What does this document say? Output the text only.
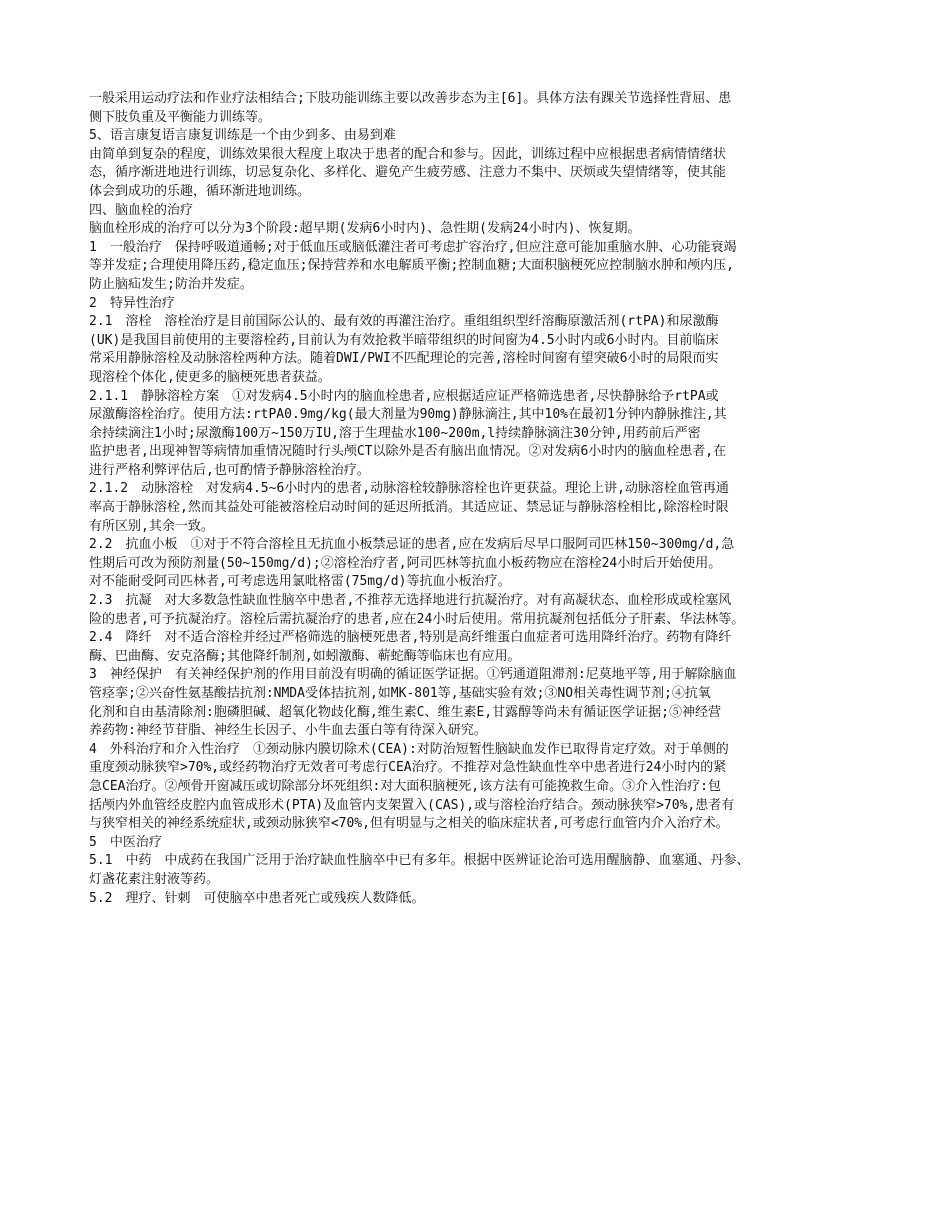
一般采用运动疗法和作业疗法相结合;下肢功能训练主要以改善步态为主[6]。具体方法有踝关节选择性背屈、患
侧下肢负重及平衡能力训练等。
5、语言康复语言康复训练是一个由少到多、由易到难
由简单到复杂的程度，训练效果很大程度上取决于患者的配合和参与。因此，训练过程中应根据患者病情情绪状
态，循序渐进地进行训练，切忌复杂化、多样化、避免产生疲劳感、注意力不集中、厌烦或失望情绪等，使其能
体会到成功的乐趣，循环渐进地训练。
四、脑血栓的治疗
脑血栓形成的治疗可以分为3个阶段:超早期(发病6小时内)、急性期(发病24小时内)、恢复期。
1　一般治疗　保持呼吸道通畅;对于低血压或脑低灌注者可考虑扩容治疗,但应注意可能加重脑水肿、心功能衰竭
等并发症;合理使用降压药,稳定血压;保持营养和水电解质平衡;控制血糖;大面积脑梗死应控制脑水肿和颅内压,
防止脑疝发生;防治并发症。
2　特异性治疗
2.1　溶栓　溶栓治疗是目前国际公认的、最有效的再灌注治疗。重组组织型纤溶酶原激活剂(rtPA)和尿激酶
(UK)是我国目前使用的主要溶栓药,目前认为有效抢救半暗带组织的时间窗为4.5小时内或6小时内。目前临床
常采用静脉溶栓及动脉溶栓两种方法。随着DWI/PWI不匹配理论的完善,溶栓时间窗有望突破6小时的局限而实
现溶栓个体化,使更多的脑梗死患者获益。
2.1.1　静脉溶栓方案　①对发病4.5小时内的脑血栓患者,应根据适应证严格筛选患者,尽快静脉给予rtPA或
尿激酶溶栓治疗。使用方法:rtPA0.9mg/kg(最大剂量为90mg)静脉滴注,其中10%在最初1分钟内静脉推注,其
余持续滴注1小时;尿激酶100万~150万IU,溶于生理盐水100~200m,l持续静脉滴注30分钟,用药前后严密
监护患者,出现神智等病情加重情况随时行头颅CT以除外是否有脑出血情况。②对发病6小时内的脑血栓患者,在
进行严格利弊评估后,也可酌情予静脉溶栓治疗。
2.1.2　动脉溶栓　对发病4.5~6小时内的患者,动脉溶栓较静脉溶栓也许更获益。理论上讲,动脉溶栓血管再通
率高于静脉溶栓,然而其益处可能被溶栓启动时间的延迟所抵消。其适应证、禁忌证与静脉溶栓相比,除溶栓时限
有所区别,其余一致。
2.2　抗血小板　①对于不符合溶栓且无抗血小板禁忌证的患者,应在发病后尽早口服阿司匹林150~300mg/d,急
性期后可改为预防剂量(50~150mg/d);②溶栓治疗者,阿司匹林等抗血小板药物应在溶栓24小时后开始使用。
对不能耐受阿司匹林者,可考虑选用氯吡格雷(75mg/d)等抗血小板治疗。
2.3　抗凝　对大多数急性缺血性脑卒中患者,不推荐无选择地进行抗凝治疗。对有高凝状态、血栓形成或栓塞风
险的患者,可予抗凝治疗。溶栓后需抗凝治疗的患者,应在24小时后使用。常用抗凝剂包括低分子肝素、华法林等。
2.4　降纤　对不适合溶栓并经过严格筛选的脑梗死患者,特别是高纤维蛋白血症者可选用降纤治疗。药物有降纤
酶、巴曲酶、安克洛酶;其他降纤制剂,如蚓激酶、蕲蛇酶等临床也有应用。
3　神经保护　有关神经保护剂的作用目前没有明确的循证医学证据。①钙通道阻滞剂:尼莫地平等,用于解除脑血
管痉挛;②兴奋性氨基酸拮抗剂:NMDA受体拮抗剂,如MK-801等,基础实验有效;③NO相关毒性调节剂;④抗氧
化剂和自由基清除剂:胞磷胆碱、超氧化物歧化酶,维生素C、维生素E,甘露醇等尚未有循证医学证据;⑤神经营
养药物:神经节苷脂、神经生长因子、小牛血去蛋白等有待深入研究。
4　外科治疗和介入性治疗　①颈动脉内膜切除术(CEA):对防治短暂性脑缺血发作已取得肯定疗效。对于单侧的
重度颈动脉狭窄>70%,或经药物治疗无效者可考虑行CEA治疗。不推荐对急性缺血性卒中患者进行24小时内的紧
急CEA治疗。②颅骨开窗减压或切除部分坏死组织:对大面积脑梗死,该方法有可能挽救生命。③介入性治疗:包
括颅内外血管经皮腔内血管成形术(PTA)及血管内支架置入(CAS),或与溶栓治疗结合。颈动脉狭窄>70%,患者有
与狭窄相关的神经系统症状,或颈动脉狭窄<70%,但有明显与之相关的临床症状者,可考虑行血管内介入治疗术。
5　中医治疗
5.1　中药　中成药在我国广泛用于治疗缺血性脑卒中已有多年。根据中医辨证论治可选用醒脑静、血塞通、丹参、
灯盏花素注射液等药。
5.2　理疗、针刺　可使脑卒中患者死亡或残疾人数降低。
